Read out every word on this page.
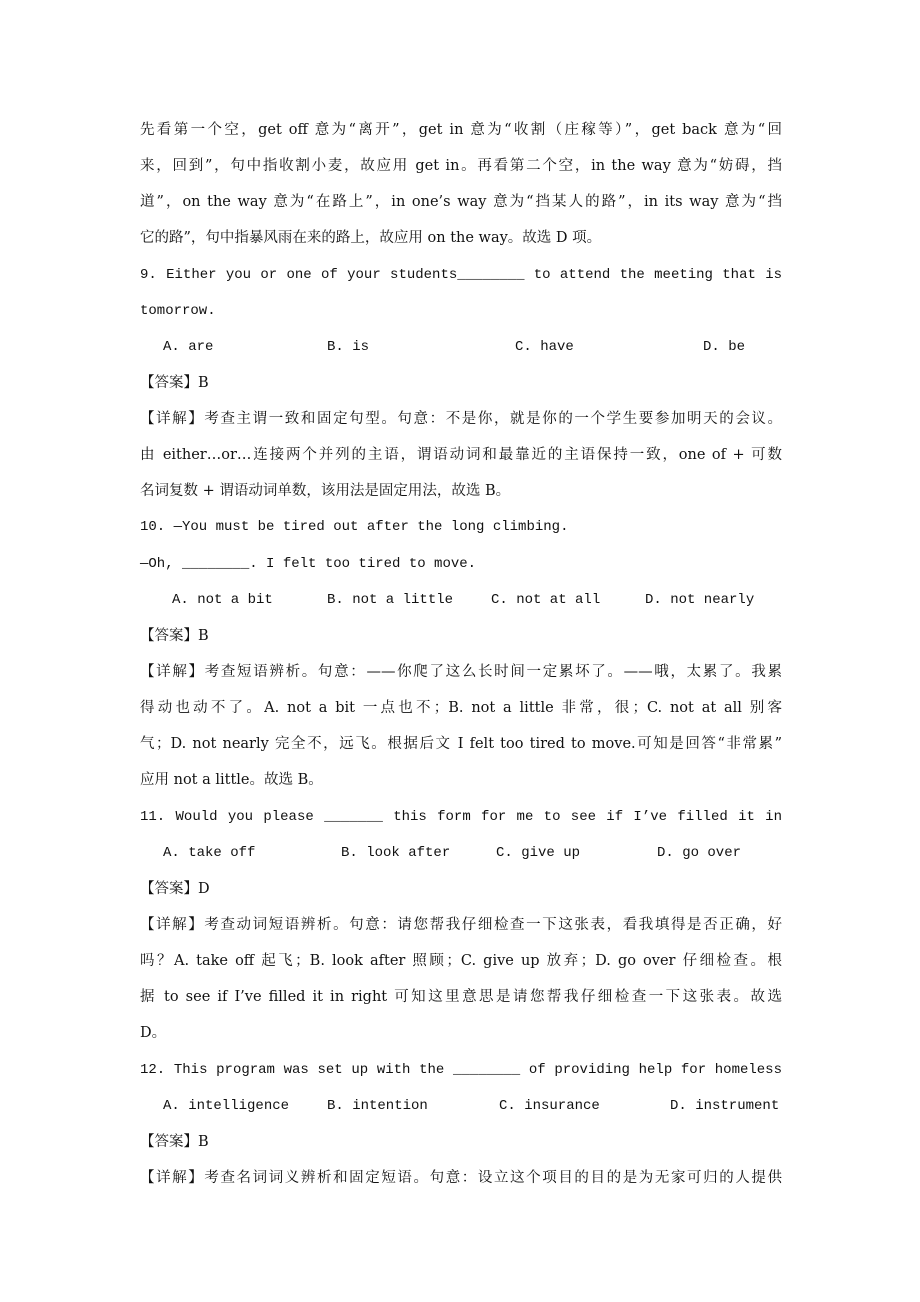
先看第一个空，get off 意为“离开”，get in 意为“收割（庄稼等）”，get back 意为“回
来，回到”，句中指收割小麦，故应用 get in。再看第二个空，in the way 意为“妨碍，挡
道”，on the way 意为“在路上”，in one’s way 意为“挡某人的路”，in its way 意为“挡
它的路”，句中指暴风雨在来的路上，故应用 on the way。故选 D 项。
9. Either you or one of your students________ to attend the meeting that is
tomorrow.
A. are	B. is	C. have	D. be
【答案】B
【详解】考查主谓一致和固定句型。句意：不是你，就是你的一个学生要参加明天的会议。
由 either…or…连接两个并列的主语，谓语动词和最靠近的主语保持一致，one of + 可数
名词复数 + 谓语动词单数，该用法是固定用法，故选 B。
10. —You must be tired out after the long climbing.
—Oh, ________. I felt too tired to move.
A. not a bit	B. not a little	C. not at all	D. not nearly
【答案】B
【详解】考查短语辨析。句意：——你爬了这么长时间一定累坏了。——哦，太累了。我累
得动也动不了。A. not a bit 一点也不；B. not a little 非常，很；C. not at all 别客
气；D. not nearly 完全不，远飞。根据后文 I felt too tired to move.可知是回答“非常累”
应用 not a little。故选 B。
11. Would you please _______ this form for me to see if I’ve filled it in
A. take off	B. look after	C. give up	D. go over
【答案】D
【详解】考查动词短语辨析。句意：请您帮我仔细检查一下这张表，看我填得是否正确，好
吗？A. take off 起飞；B. look after 照顾；C. give up 放弃；D. go over 仔细检查。根
据 to see if I’ve filled it in right 可知这里意思是请您帮我仔细检查一下这张表。故选
D。
12. This program was set up with the ________ of providing help for homeless
A. intelligence	B. intention	C. insurance	D. instrument
【答案】B
【详解】考查名词词义辨析和固定短语。句意：设立这个项目的目的是为无家可归的人提供
